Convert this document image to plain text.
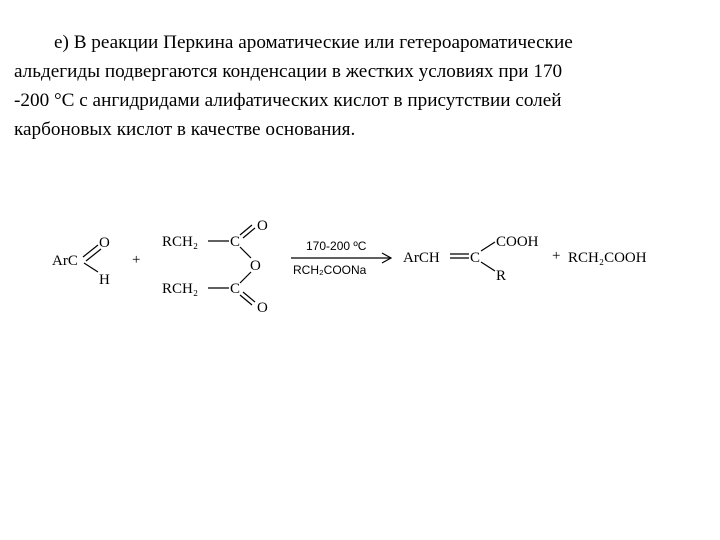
е) В реакции Перкина ароматические или гетероароматические
альдегиды подвергаются конденсации в жестких условиях при 170
-200 °С с ангидридами алифатических кислот в присутствии солей
карбоновых кислот в качестве основания.
ArC
O
H
+
RCH₂ C
O
O
RCH₂ C
O
170-200 ºС
RCH₂COONa
ArCH C
COOH
R
+ RCH₂COOH
